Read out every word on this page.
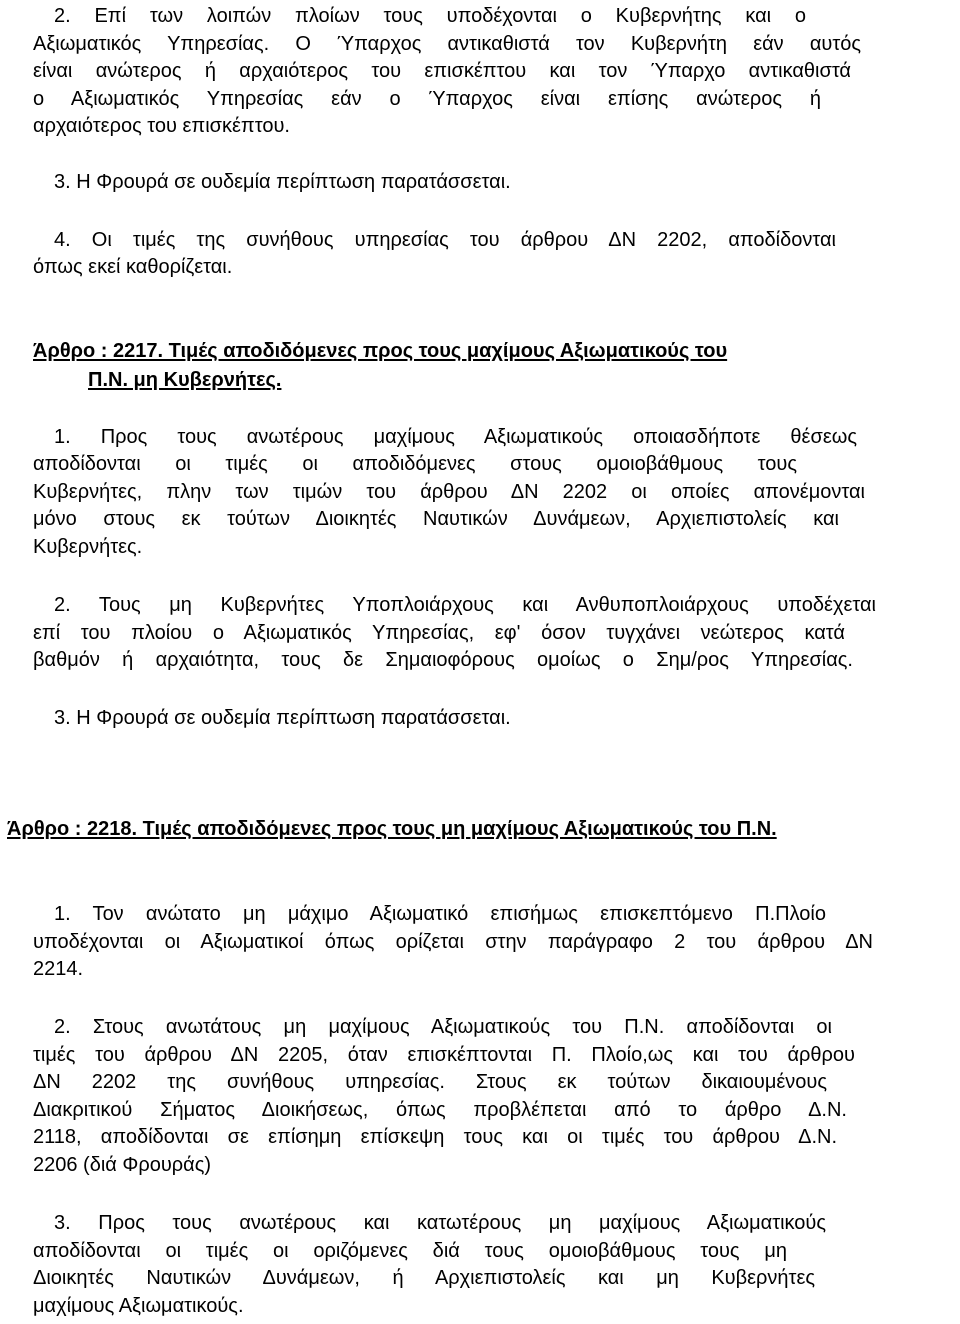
2. Επί των λοιπών πλοίων τους υποδέχονται ο Κυβερνήτης και ο
Αξιωματικός Υπηρεσίας. Ο Ύπαρχος αντικαθιστά τον Κυβερνήτη εάν αυτός
είναι ανώτερος ή αρχαιότερος του επισκέπτου και τον Ύπαρχο αντικαθιστά
ο Αξιωματικός Υπηρεσίας εάν ο Ύπαρχος είναι επίσης ανώτερος ή
αρχαιότερος του επισκέπτου.
3. Η Φρουρά σε ουδεμία περίπτωση παρατάσσεται.
4. Οι τιμές της συνήθους υπηρεσίας του άρθρου ΔΝ 2202, αποδίδονται
όπως εκεί καθορίζεται.
Άρθρο : 2217. Τιμές αποδιδόμενες προς τους μαχίμους Αξιωματικούς του
Π.Ν. μη Κυβερνήτες.
1. Προς τους ανωτέρους μαχίμους Αξιωματικούς οποιασδήποτε θέσεως
αποδίδονται οι τιμές οι αποδιδόμενες στους ομοιοβάθμους τους
Κυβερνήτες, πλην των τιμών του άρθρου ΔΝ 2202 οι οποίες απονέμονται
μόνο στους εκ τούτων Διοικητές Ναυτικών Δυνάμεων, Αρχιεπιστολείς και
Κυβερνήτες.
2. Τους μη Κυβερνήτες Υποπλοιάρχους και Ανθυποπλοιάρχους υποδέχεται
επί του πλοίου ο Αξιωματικός Υπηρεσίας, εφ' όσον τυγχάνει νεώτερος κατά
βαθμόν ή αρχαιότητα, τους δε Σημαιοφόρους ομοίως ο Σημ/ρος Υπηρεσίας.
3. Η Φρουρά σε ουδεμία περίπτωση παρατάσσεται.
Άρθρο : 2218. Τιμές αποδιδόμενες προς τους μη μαχίμους Αξιωματικούς του Π.Ν.
1. Τον ανώτατο μη μάχιμο Αξιωματικό επισήμως επισκεπτόμενο Π.Πλοίο
υποδέχονται οι Αξιωματικοί όπως ορίζεται στην παράγραφο 2 του άρθρου ΔΝ
2214.
2. Στους ανωτάτους μη μαχίμους Αξιωματικούς του Π.Ν. αποδίδονται οι
τιμές του άρθρου ΔΝ 2205, όταν επισκέπτονται Π. Πλοίο,ως και του άρθρου
ΔΝ 2202 της συνήθους υπηρεσίας. Στους εκ τούτων δικαιουμένους
Διακριτικού Σήματος Διοικήσεως, όπως προβλέπεται από το άρθρο Δ.Ν.
2118, αποδίδονται σε επίσημη επίσκεψη τους και οι τιμές του άρθρου Δ.Ν.
2206 (διά Φρουράς)
3. Προς τους ανωτέρους και κατωτέρους μη μαχίμους Αξιωματικούς
αποδίδονται οι τιμές οι οριζόμενες διά τους ομοιοβάθμους τους μη
Διοικητές Ναυτικών Δυνάμεων, ή Αρχιεπιστολείς και μη Κυβερνήτες
μαχίμους Αξιωματικούς.
